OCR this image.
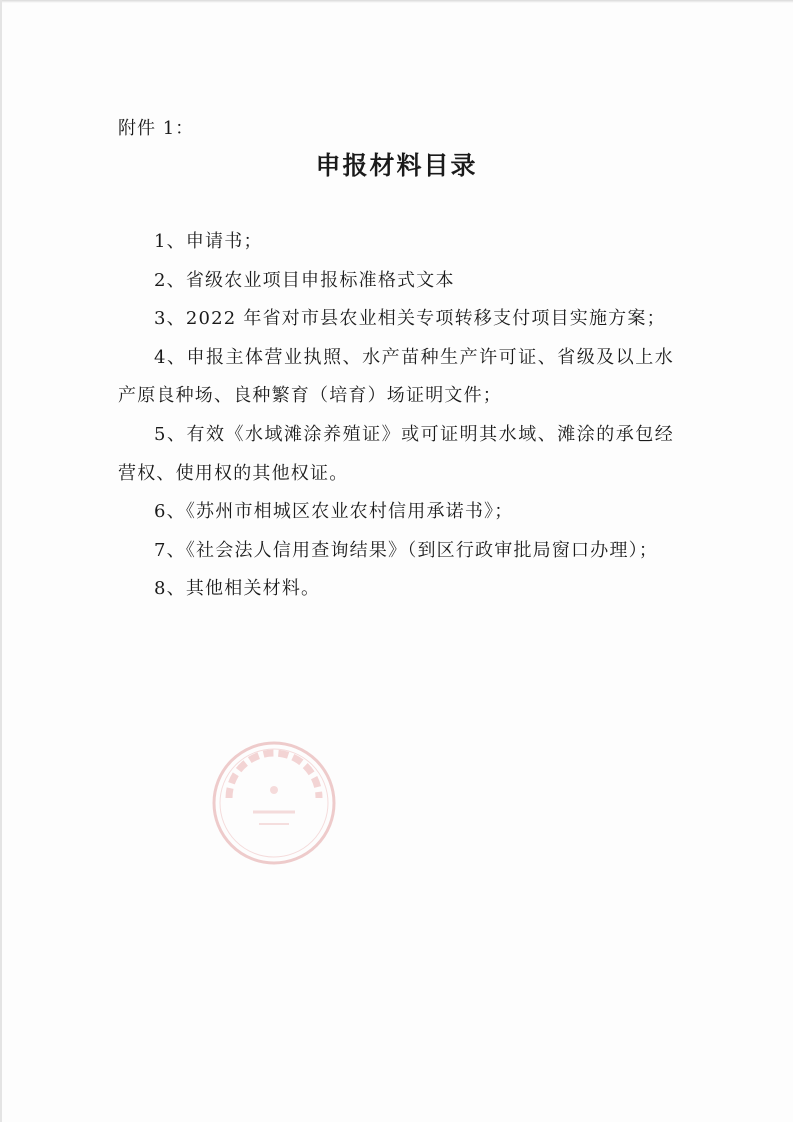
附件 1：
申报材料目录
1、申请书；
2、省级农业项目申报标准格式文本
3、2022 年省对市县农业相关专项转移支付项目实施方案；
4、申报主体营业执照、水产苗种生产许可证、省级及以上水产原良种场、良种繁育（培育）场证明文件；
5、有效《水域滩涂养殖证》或可证明其水域、滩涂的承包经营权、使用权的其他权证。
6、《苏州市相城区农业农村信用承诺书》；
7、《社会法人信用查询结果》（到区行政审批局窗口办理）；
8、其他相关材料。
